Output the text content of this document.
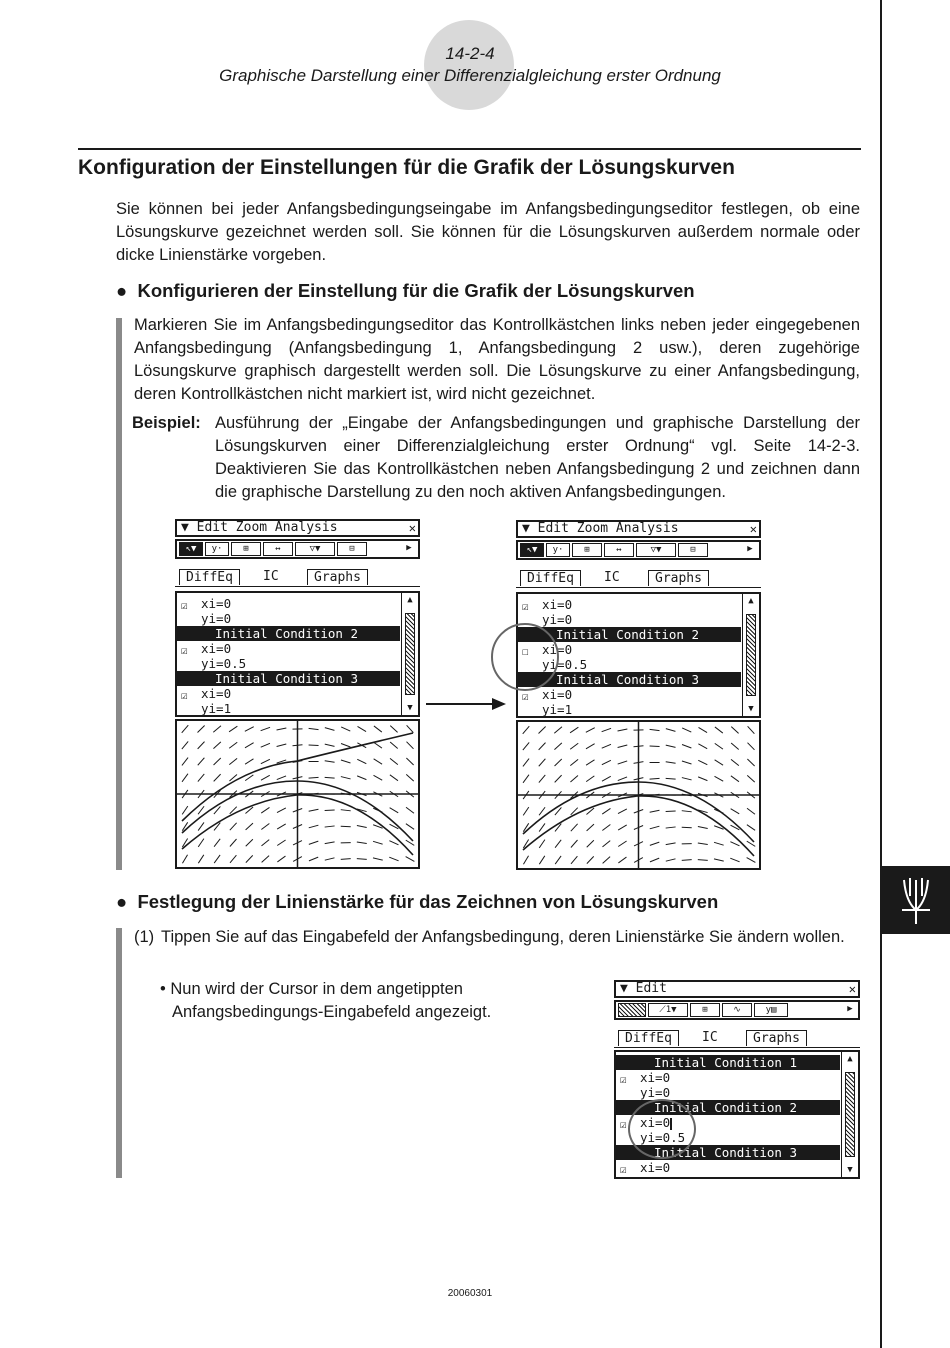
14-2-4
Graphische Darstellung einer Differenzialgleichung erster Ordnung
Konfiguration der Einstellungen für die Grafik der Lösungskurven
Sie können bei jeder Anfangsbedingungseingabe im Anfangsbedingungseditor festlegen, ob eine Lösungskurve gezeichnet werden soll. Sie können für die Lösungskurven außerdem normale oder dicke Linienstärke vorgeben.
●  Konfigurieren der Einstellung für die Grafik der Lösungskurven
Markieren Sie im Anfangsbedingungseditor das Kontrollkästchen links neben jeder eingegebenen Anfangsbedingung (Anfangsbedingung 1, Anfangsbedingung 2 usw.), deren zugehörige Lösungskurve graphisch dargestellt werden soll. Die Lösungskurve zu einer Anfangsbedingung, deren Kontrollkästchen nicht markiert ist, wird nicht gezeichnet.
Beispiel: Ausführung der „Eingabe der Anfangsbedingungen und graphische Darstellung der Lösungskurven einer Differenzialgleichung erster Ordnung“ vgl. Seite 14-2-3. Deaktivieren Sie das Kontrollkästchen neben Anfangsbedingung 2 und zeichnen dann die graphische Darstellung zu den noch aktiven Anfangsbedingungen.
▼ Edit Zoom Analysis	✕
↖▼	y·	⊞	↔	▽▼	⊟	▶
DiffEq	IC	Graphs
☑ xi=0
yi=0
Initial Condition 2
☑ xi=0
yi=0.5
Initial Condition 3
☑ xi=0
yi=1
▲
▼
▼ Edit Zoom Analysis	✕
↖▼	y·	⊞	↔	▽▼	⊟	▶
DiffEq	IC	Graphs
☑ xi=0
yi=0
Initial Condition 2
☐ xi=0
yi=0.5
Initial Condition 3
☑ xi=0
yi=1
▲
▼
●  Festlegung der Linienstärke für das Zeichnen von Lösungskurven
(1) Tippen Sie auf das Eingabefeld der Anfangsbedingung, deren Linienstärke Sie ändern wollen.
• Nun wird der Cursor in dem angetippten Anfangsbedingungs-Eingabefeld angezeigt.
▼ Edit	✕
⟋1▼	⊞	∿	y▤	▶
DiffEq	IC	Graphs
Initial Condition 1
☑ xi=0
yi=0
Initial Condition 2
☑ xi=0
yi=0.5
Initial Condition 3
☑ xi=0
▲
▼
20060301
